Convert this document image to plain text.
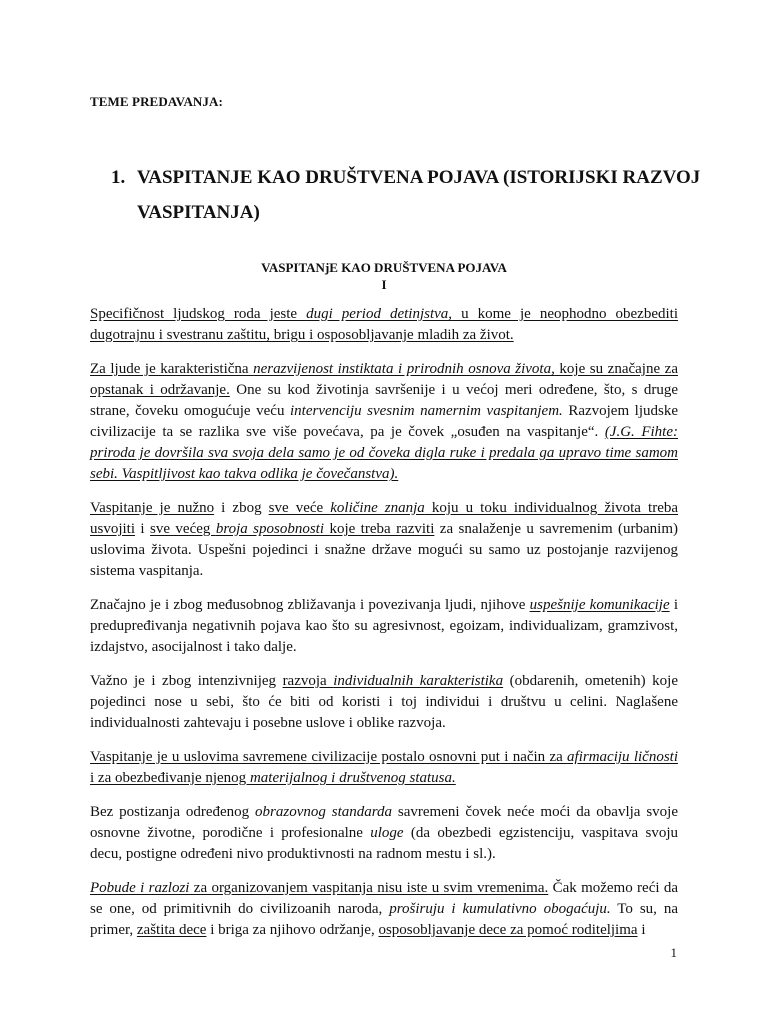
TEME PREDAVANJA:
1. VASPITANJE KAO DRUŠTVENA POJAVA (ISTORIJSKI RAZVOJ
VASPITANJA)
VASPITANjE KAO DRUŠTVENA POJAVA
I

Specifičnost ljudskog roda jeste dugi period detinjstva, u kome je neophodno obezbediti dugotrajnu i svestranu zaštitu, brigu i osposobljavanje mladih za život.

Za ljude je karakteristična nerazvijenost instiktata i prirodnih osnova života, koje su značajne za opstanak i održavanje. One su kod životinja savršenije i u većoj meri određene, što, s druge strane, čoveku omogućuje veću intervenciju svesnim namernim vaspitanjem. Razvojem ljudske civilizacije ta se razlika sve više povećava, pa je čovek „osuđen na vaspitanje“. (J.G. Fihte: priroda je dovršila sva svoja dela samo je od čoveka digla ruke i predala ga upravo time samom sebi. Vaspitljivost kao takva odlika je čovečanstva).

Vaspitanje je nužno i zbog sve veće količine znanja koju u toku individualnog života treba usvojiti i sve većeg broja sposobnosti koje treba razviti za snalaženje u savremenim (urbanim) uslovima života. Uspešni pojedinci i snažne države mogući su samo uz postojanje razvijenog sistema vaspitanja.

Značajno je i zbog međusobnog zbližavanja i povezivanja ljudi, njihove uspešnije komunikacije i predupređivanja negativnih pojava kao što su agresivnost, egoizam, individualizam, gramzivost, izdajstvo, asocijalnost i tako dalje.

Važno je i zbog intenzivnijeg razvoja individualnih karakteristika (obdarenih, ometenih) koje pojedinci nose u sebi, što će biti od koristi i toj individui i društvu u celini. Naglašene individualnosti zahtevaju i posebne uslove i oblike razvoja.

Vaspitanje je u uslovima savremene civilizacije postalo osnovni put i način za afirmaciju ličnosti i za obezbeđivanje njenog materijalnog i društvenog statusa.

Bez postizanja određenog obrazovnog standarda savremeni čovek neće moći da obavlja svoje osnovne životne, porodične i profesionalne uloge (da obezbedi egzistenciju, vaspitava svoju decu, postigne određeni nivo produktivnosti na radnom mestu i sl.).

Pobude i razlozi za organizovanjem vaspitanja nisu iste u svim vremenima. Čak možemo reći da se one, od primitivnih do civilizoanih naroda, proširuju i kumulativno obogaćuju. To su, na primer, zaštita dece i briga za njihovo održanje, osposobljavanje dece za pomoć roditeljima i

1
